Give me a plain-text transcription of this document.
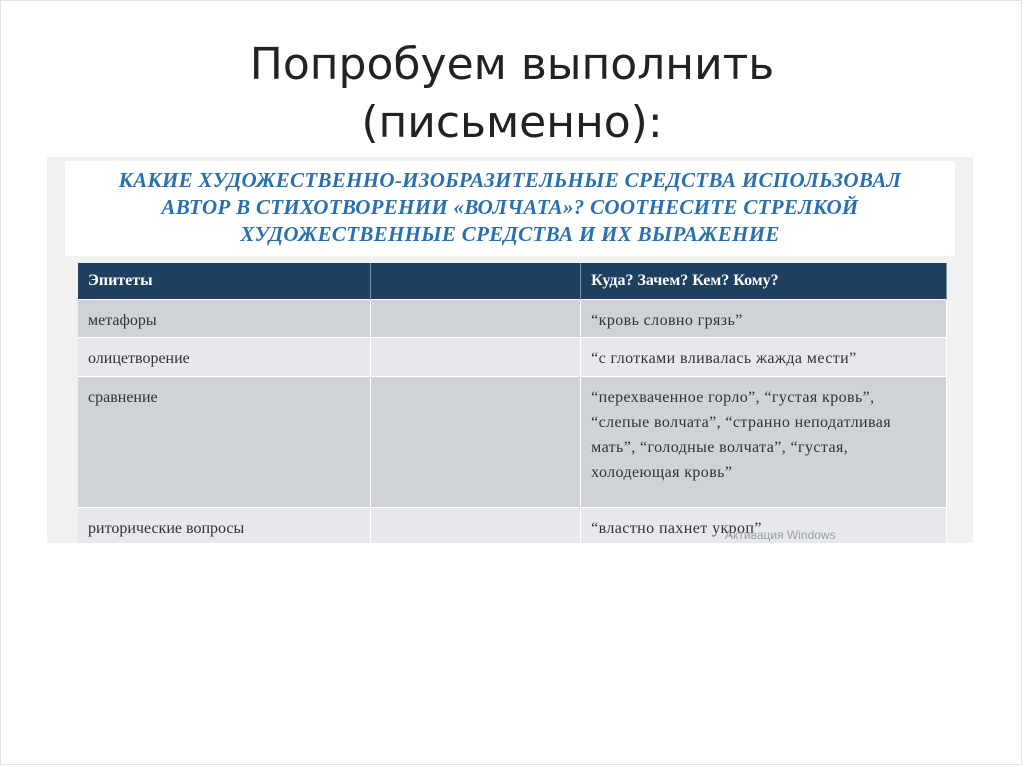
Попробуем выполнить
(письменно):
КАКИЕ ХУДОЖЕСТВЕННО-ИЗОБРАЗИТЕЛЬНЫЕ СРЕДСТВА ИСПОЛЬЗОВАЛ
АВТОР В СТИХОТВОРЕНИИ «ВОЛЧАТА»? СООТНЕСИТЕ СТРЕЛКОЙ
ХУДОЖЕСТВЕННЫЕ СРЕДСТВА И ИХ ВЫРАЖЕНИЕ
Эпитеты		Куда? Зачем? Кем? Кому?
метафоры		“кровь словно грязь”
олицетворение		“с глотками вливалась жажда мести”
сравнение		“перехваченное горло”, “густая кровь”, “слепые волчата”, “странно неподатливая мать”, “голодные волчата”, “густая, холодеющая кровь”
риторические вопросы		“властно пахнет укроп”
Активация Windows
